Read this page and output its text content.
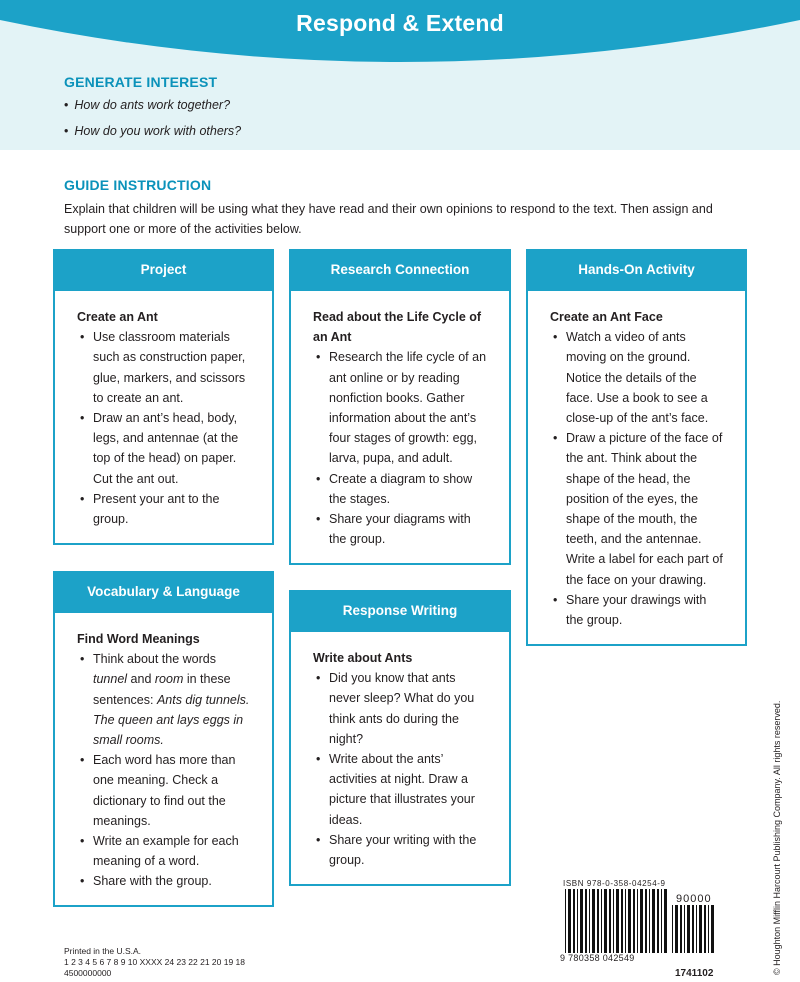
Respond & Extend
GENERATE INTEREST
• How do ants work together?
• How do you work with others?
GUIDE INSTRUCTION
Explain that children will be using what they have read and their own opinions to respond to the text. Then assign and support one or more of the activities below.
Project
Create an Ant
• Use classroom materials such as construction paper, glue, markers, and scissors to create an ant.
• Draw an ant’s head, body, legs, and antennae (at the top of the head) on paper. Cut the ant out.
• Present your ant to the group.
Research Connection
Read about the Life Cycle of an Ant
• Research the life cycle of an ant online or by reading nonfiction books. Gather information about the ant’s four stages of growth: egg, larva, pupa, and adult.
• Create a diagram to show the stages.
• Share your diagrams with the group.
Hands-On Activity
Create an Ant Face
• Watch a video of ants moving on the ground. Notice the details of the face. Use a book to see a close-up of the ant’s face.
• Draw a picture of the face of the ant. Think about the shape of the head, the position of the eyes, the shape of the mouth, the teeth, and the antennae. Write a label for each part of the face on your drawing.
• Share your drawings with the group.
Vocabulary & Language
Find Word Meanings
• Think about the words tunnel and room in these sentences: Ants dig tunnels. The queen ant lays eggs in small rooms.
• Each word has more than one meaning. Check a dictionary to find out the meanings.
• Write an example for each meaning of a word.
• Share with the group.
Response Writing
Write about Ants
• Did you know that ants never sleep? What do you think ants do during the night?
• Write about the ants’ activities at night. Draw a picture that illustrates your ideas.
• Share your writing with the group.
ISBN 978-0-358-04254-9
90000
9 780358 042549
1741102	© Houghton Mifflin Harcourt Publishing Company. All rights reserved.
Printed in the U.S.A.
1 2 3 4 5 6 7 8 9 10 XXXX 24 23 22 21 20 19 18
4500000000
